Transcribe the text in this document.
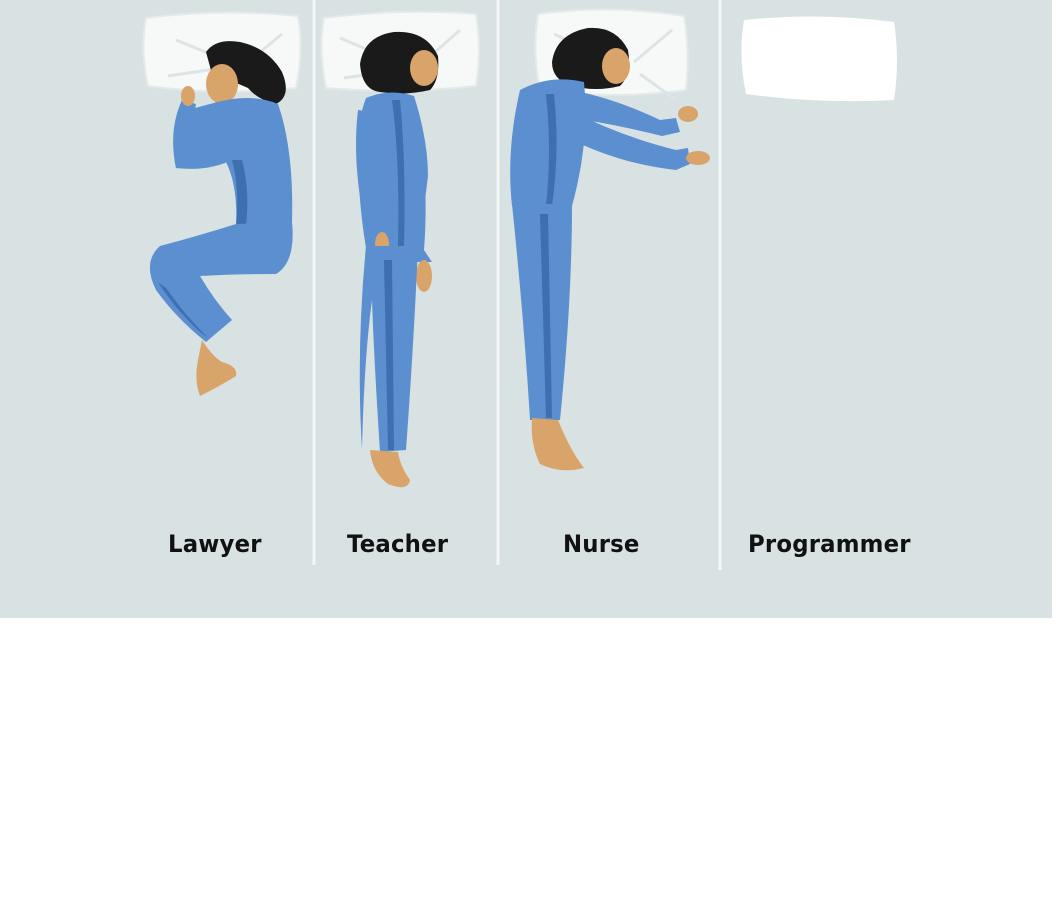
Lawyer	Teacher	Nurse	Programmer
